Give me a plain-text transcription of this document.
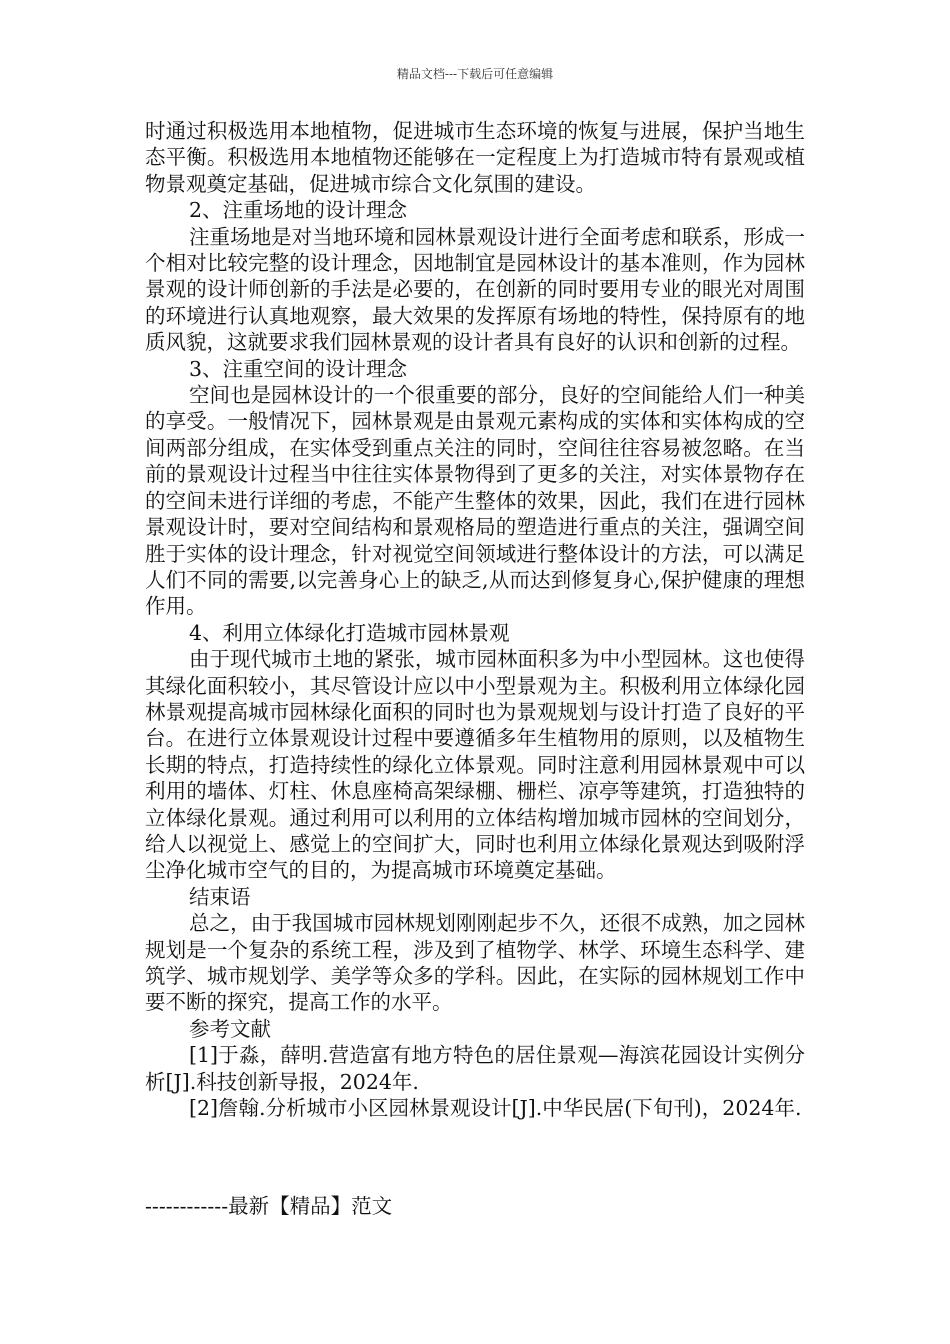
精品文档---下载后可任意编辑

时通过积极选用本地植物，促进城市生态环境的恢复与进展，保护当地生态平衡。积极选用本地植物还能够在一定程度上为打造城市特有景观或植物景观奠定基础，促进城市综合文化氛围的建设。

2、注重场地的设计理念

注重场地是对当地环境和园林景观设计进行全面考虑和联系，形成一个相对比较完整的设计理念，因地制宜是园林设计的基本准则，作为园林景观的设计师创新的手法是必要的，在创新的同时要用专业的眼光对周围的环境进行认真地观察，最大效果的发挥原有场地的特性，保持原有的地质风貌，这就要求我们园林景观的设计者具有良好的认识和创新的过程。

3、注重空间的设计理念

空间也是园林设计的一个很重要的部分，良好的空间能给人们一种美的享受。一般情况下，园林景观是由景观元素构成的实体和实体构成的空间两部分组成，在实体受到重点关注的同时，空间往往容易被忽略。在当前的景观设计过程当中往往实体景物得到了更多的关注，对实体景物存在的空间未进行详细的考虑，不能产生整体的效果，因此，我们在进行园林景观设计时，要对空间结构和景观格局的塑造进行重点的关注，强调空间胜于实体的设计理念，针对视觉空间领域进行整体设计的方法，可以满足人们不同的需要,以完善身心上的缺乏,从而达到修复身心,保护健康的理想作用。

4、利用立体绿化打造城市园林景观

由于现代城市土地的紧张，城市园林面积多为中小型园林。这也使得其绿化面积较小，其尽管设计应以中小型景观为主。积极利用立体绿化园林景观提高城市园林绿化面积的同时也为景观规划与设计打造了良好的平台。在进行立体景观设计过程中要遵循多年生植物用的原则，以及植物生长期的特点，打造持续性的绿化立体景观。同时注意利用园林景观中可以利用的墙体、灯柱、休息座椅高架绿棚、栅栏、凉亭等建筑，打造独特的立体绿化景观。通过利用可以利用的立体结构增加城市园林的空间划分，给人以视觉上、感觉上的空间扩大，同时也利用立体绿化景观达到吸附浮尘净化城市空气的目的，为提高城市环境奠定基础。

结束语

总之，由于我国城市园林规划刚刚起步不久，还很不成熟，加之园林规划是一个复杂的系统工程，涉及到了植物学、林学、环境生态科学、建筑学、城市规划学、美学等众多的学科。因此，在实际的园林规划工作中要不断的探究，提高工作的水平。

参考文献

[1]于淼，薛明.营造富有地方特色的居住景观—海滨花园设计实例分析[J].科技创新导报，2024年.

[2]詹翰.分析城市小区园林景观设计[J].中华民居(下旬刊)，2024年.

------------最新【精品】范文
